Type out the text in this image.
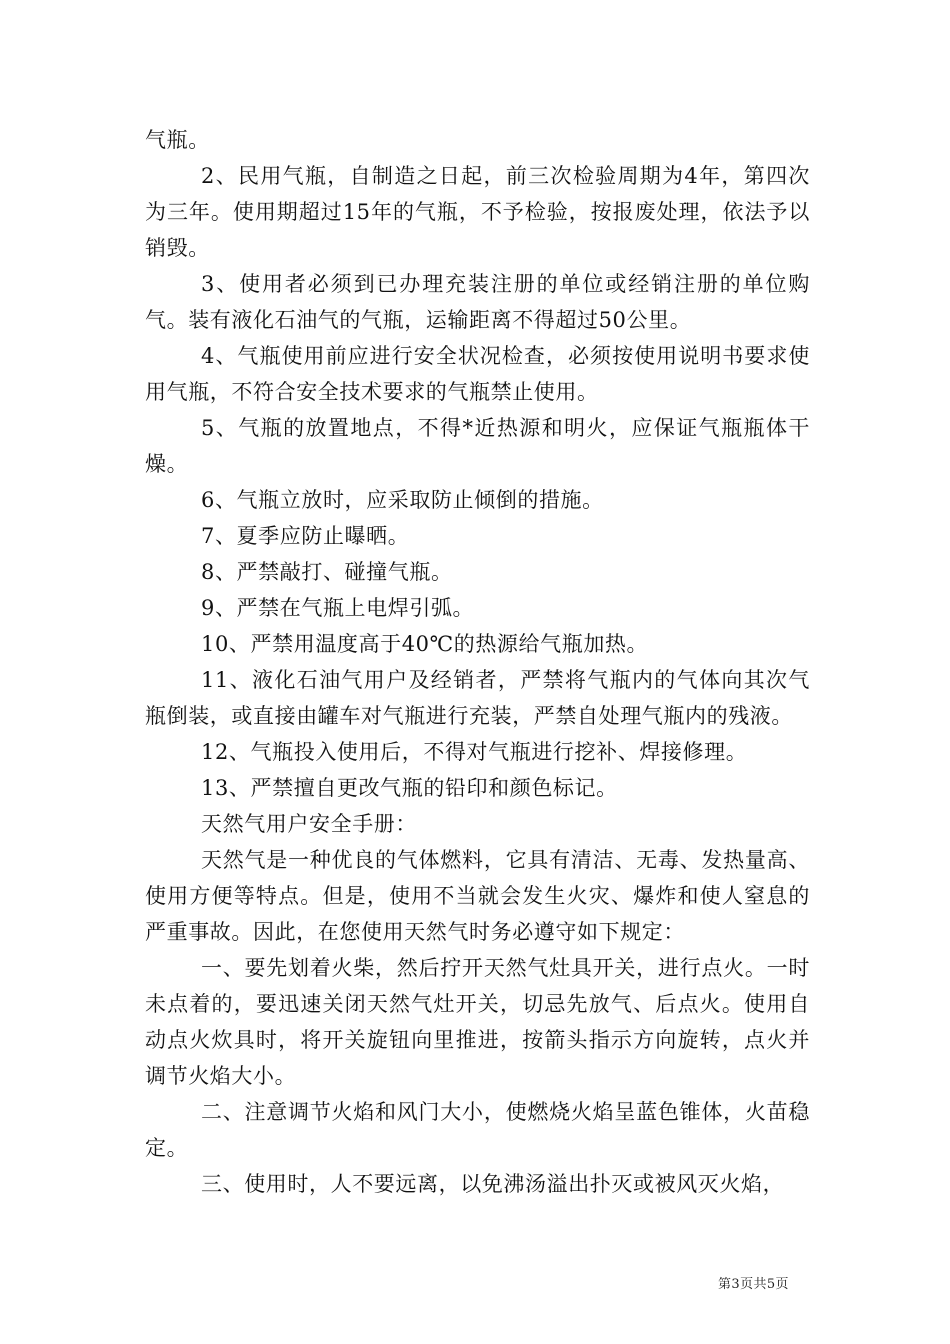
气瓶。

2、民用气瓶，自制造之日起，前三次检验周期为4年，第四次为三年。使用期超过15年的气瓶，不予检验，按报废处理，依法予以销毁。

3、使用者必须到已办理充装注册的单位或经销注册的单位购气。装有液化石油气的气瓶，运输距离不得超过50公里。

4、气瓶使用前应进行安全状况检查，必须按使用说明书要求使用气瓶，不符合安全技术要求的气瓶禁止使用。

5、气瓶的放置地点，不得*近热源和明火，应保证气瓶瓶体干燥。

6、气瓶立放时，应采取防止倾倒的措施。

7、夏季应防止曝晒。

8、严禁敲打、碰撞气瓶。

9、严禁在气瓶上电焊引弧。

10、严禁用温度高于40℃的热源给气瓶加热。

11、液化石油气用户及经销者，严禁将气瓶内的气体向其次气瓶倒装，或直接由罐车对气瓶进行充装，严禁自处理气瓶内的残液。

12、气瓶投入使用后，不得对气瓶进行挖补、焊接修理。

13、严禁擅自更改气瓶的铅印和颜色标记。

天然气用户安全手册：

天然气是一种优良的气体燃料，它具有清洁、无毒、发热量高、使用方便等特点。但是，使用不当就会发生火灾、爆炸和使人窒息的严重事故。因此，在您使用天然气时务必遵守如下规定：

一、要先划着火柴，然后拧开天然气灶具开关，进行点火。一时未点着的，要迅速关闭天然气灶开关，切忌先放气、后点火。使用自动点火炊具时，将开关旋钮向里推进，按箭头指示方向旋转，点火并调节火焰大小。

二、注意调节火焰和风门大小，使燃烧火焰呈蓝色锥体，火苗稳定。

三、使用时，人不要远离，以免沸汤溢出扑灭或被风灭火焰，

第3页共5页
